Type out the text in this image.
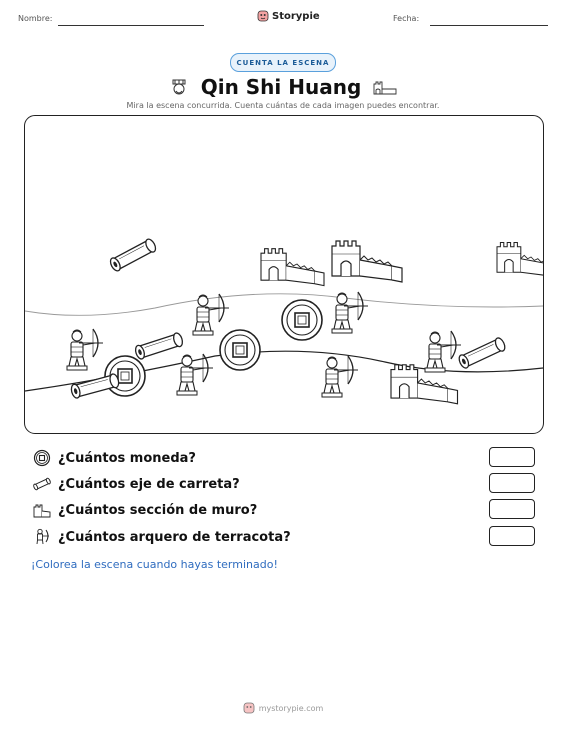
Nombre:	Storypie	Fecha:
CUENTA LA ESCENA
Qin Shi Huang
Mira la escena concurrida. Cuenta cuántas de cada imagen puedes encontrar.
¿Cuántos moneda?
¿Cuántos eje de carreta?
¿Cuántos sección de muro?
¿Cuántos arquero de terracota?
¡Colorea la escena cuando hayas terminado!
mystorypie.com
